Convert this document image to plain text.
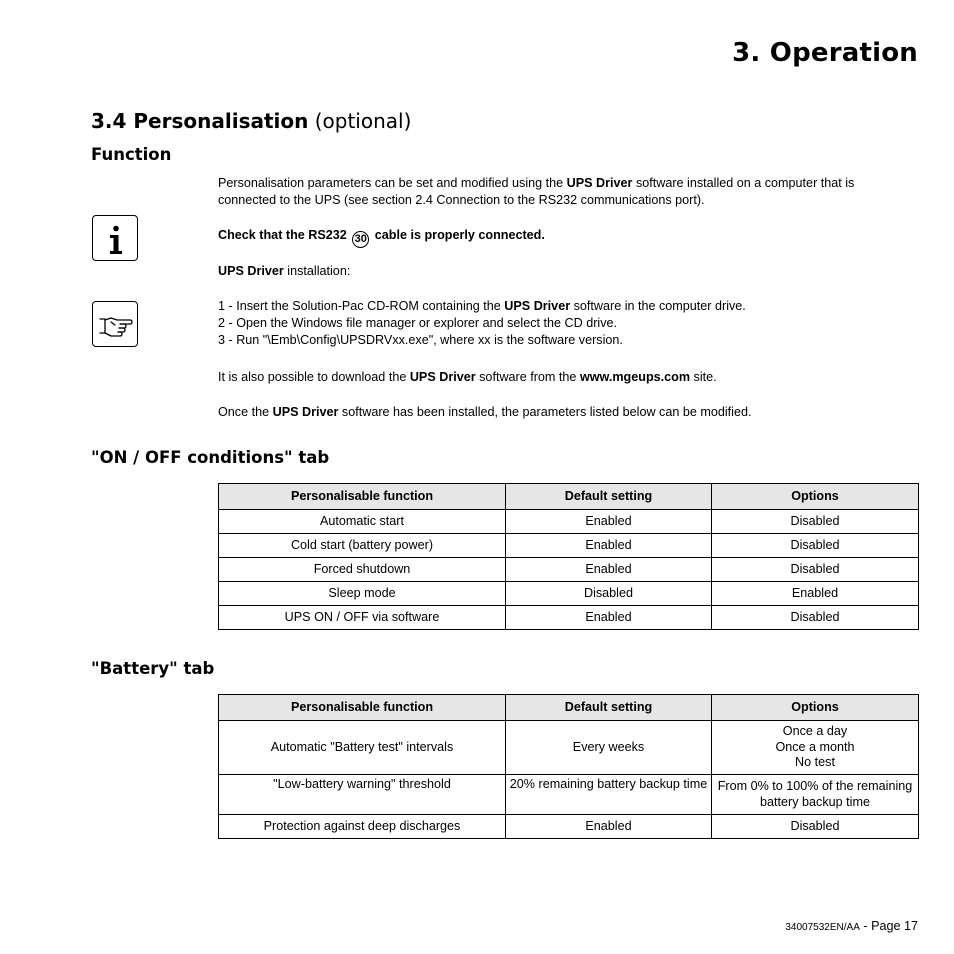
3. Operation
3.4 Personalisation (optional)
Function
Personalisation parameters can be set and modified using the UPS Driver software installed on a computer that is
connected to the UPS (see section 2.4 Connection to the RS232 communications port).
Check that the RS232 30 cable is properly connected.
UPS Driver installation:
1 - Insert the Solution-Pac CD-ROM containing the UPS Driver software in the computer drive.
2 - Open the Windows file manager or explorer and select the CD drive.
3 - Run "\Emb\Config\UPSDRVxx.exe", where xx is the software version.
It is also possible to download the UPS Driver software from the www.mgeups.com site.
Once the UPS Driver software has been installed, the parameters listed below can be modified.
"ON / OFF conditions" tab
Personalisable function	Default setting	Options
Automatic start	Enabled	Disabled
Cold start (battery power)	Enabled	Disabled
Forced shutdown	Enabled	Disabled
Sleep mode	Disabled	Enabled
UPS ON / OFF via software	Enabled	Disabled
"Battery" tab
Personalisable function	Default setting	Options
Automatic "Battery test" intervals	Every weeks	Once a day
Once a month
No test
"Low-battery warning" threshold	20% remaining battery backup time	From 0% to 100% of the remaining
battery backup time
Protection against deep discharges	Enabled	Disabled
34007532EN/AA - Page 17
